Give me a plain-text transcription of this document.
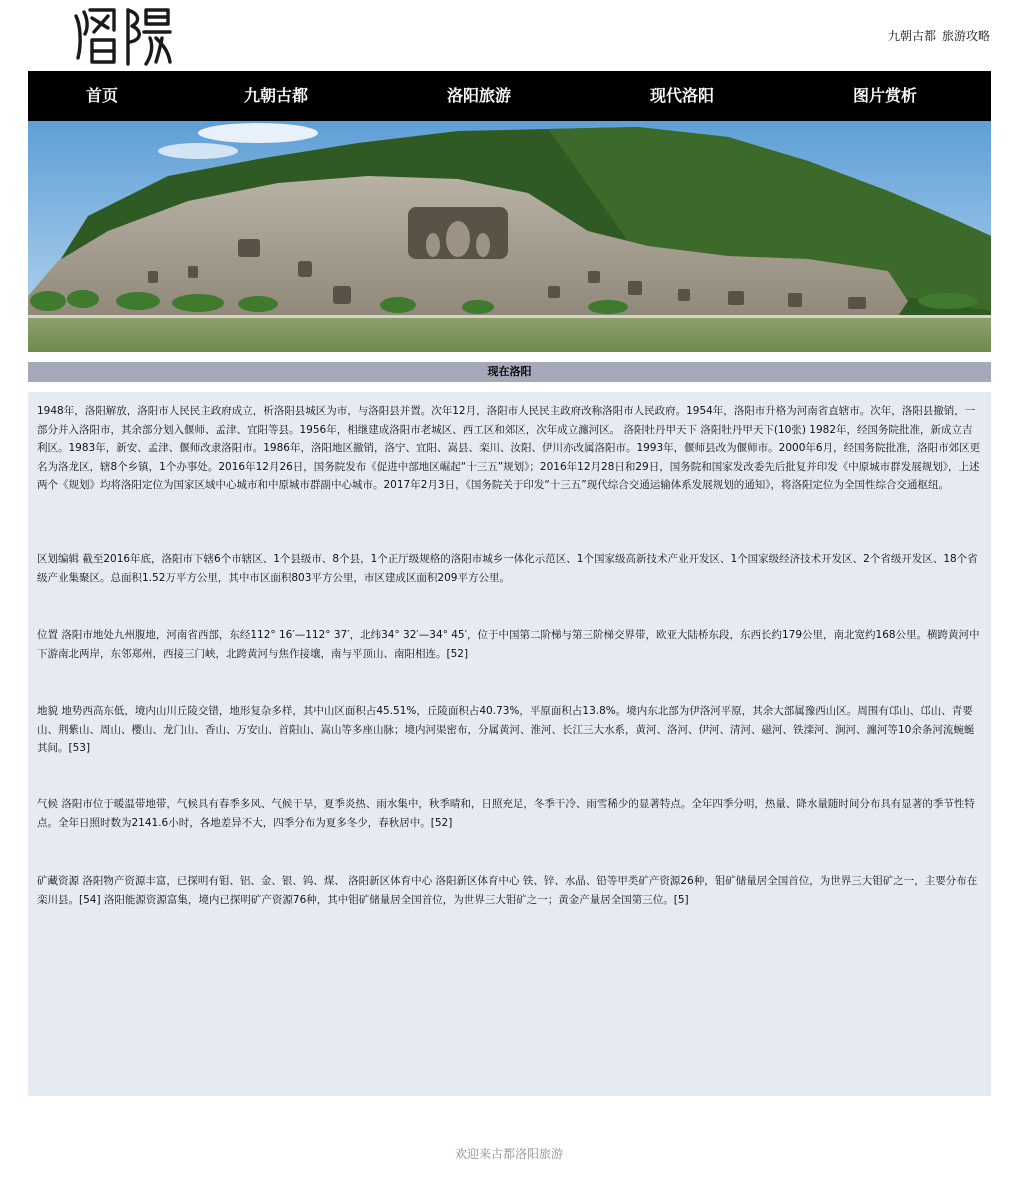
九朝古都 旅游攻略
首页	九朝古都	洛阳旅游	现代洛阳	图片赏析
现在洛阳
1948年，洛阳解放，洛阳市人民民主政府成立，析洛阳县城区为市，与洛阳县并置。次年12月，洛阳市人民民主政府改称洛阳市人民政府。1954年，洛阳市升格为河南省直辖市。次年，洛阳县撤销，一部分并入洛阳市，其余部分划入偃师、孟津、宜阳等县。1956年，相继建成洛阳市老城区、西工区和郊区，次年成立瀍河区。 洛阳牡丹甲天下 洛阳牡丹甲天下(10张) 1982年，经国务院批准，新成立吉利区。1983年，新安、孟津、偃师改隶洛阳市。1986年，洛阳地区撤销，洛宁、宜阳、嵩县、栾川、汝阳、伊川亦改属洛阳市。1993年，偃师县改为偃师市。2000年6月，经国务院批准，洛阳市郊区更名为洛龙区，辖8个乡镇，1个办事处。2016年12月26日，国务院发布《促进中部地区崛起“十三五”规划》；2016年12月28日和29日，国务院和国家发改委先后批复并印发《中原城市群发展规划》，上述两个《规划》均将洛阳定位为国家区域中心城市和中原城市群副中心城市。2017年2月3日，《国务院关于印发“十三五”现代综合交通运输体系发展规划的通知》，将洛阳定位为全国性综合交通枢纽。
区划编辑 截至2016年底，洛阳市下辖6个市辖区、1个县级市、8个县，1个正厅级规格的洛阳市城乡一体化示范区、1个国家级高新技术产业开发区、1个国家级经济技术开发区、2个省级开发区、18个省级产业集聚区。总面积1.52万平方公里，其中市区面积803平方公里，市区建成区面积209平方公里。
位置 洛阳市地处九州腹地，河南省西部，东经112° 16′—112° 37′，北纬34° 32′—34° 45′，位于中国第二阶梯与第三阶梯交界带，欧亚大陆桥东段，东西长约179公里，南北宽约168公里。横跨黄河中下游南北两岸，东邻郑州，西接三门峡，北跨黄河与焦作接壤，南与平顶山、南阳相连。[52]
地貌 地势西高东低，境内山川丘陵交错，地形复杂多样，其中山区面积占45.51%，丘陵面积占40.73%，平原面积占13.8%。境内东北部为伊洛河平原，其余大部属豫西山区。周围有邙山、邙山、青要山、荆紫山、周山、樱山、龙门山、香山、万安山、首阳山、嵩山等多座山脉；境内河渠密布，分属黄河、淮河、长江三大水系，黄河、洛河、伊河、清河、磁河、铁滦河、涧河、瀍河等10余条河流蜿蜒其间。[53]
气候 洛阳市位于暖温带地带，气候具有春季多风、气候干旱，夏季炎热、雨水集中，秋季晴和，日照充足，冬季干冷、雨雪稀少的显著特点。全年四季分明，热量、降水量随时间分布具有显著的季节性特点。全年日照时数为2141.6小时，各地差异不大，四季分布为夏多冬少，春秋居中。[52]
矿藏资源 洛阳物产资源丰富，已探明有钼、铝、金、银、钨、煤、 洛阳新区体育中心 洛阳新区体育中心 铁、锌、水晶、铅等甲类矿产资源26种，钼矿储量居全国首位，为世界三大钼矿之一，主要分布在栾川县。[54] 洛阳能源资源富集，境内已探明矿产资源76种，其中钼矿储量居全国首位，为世界三大钼矿之一；黄金产量居全国第三位。[5]
欢迎来古都洛阳旅游
